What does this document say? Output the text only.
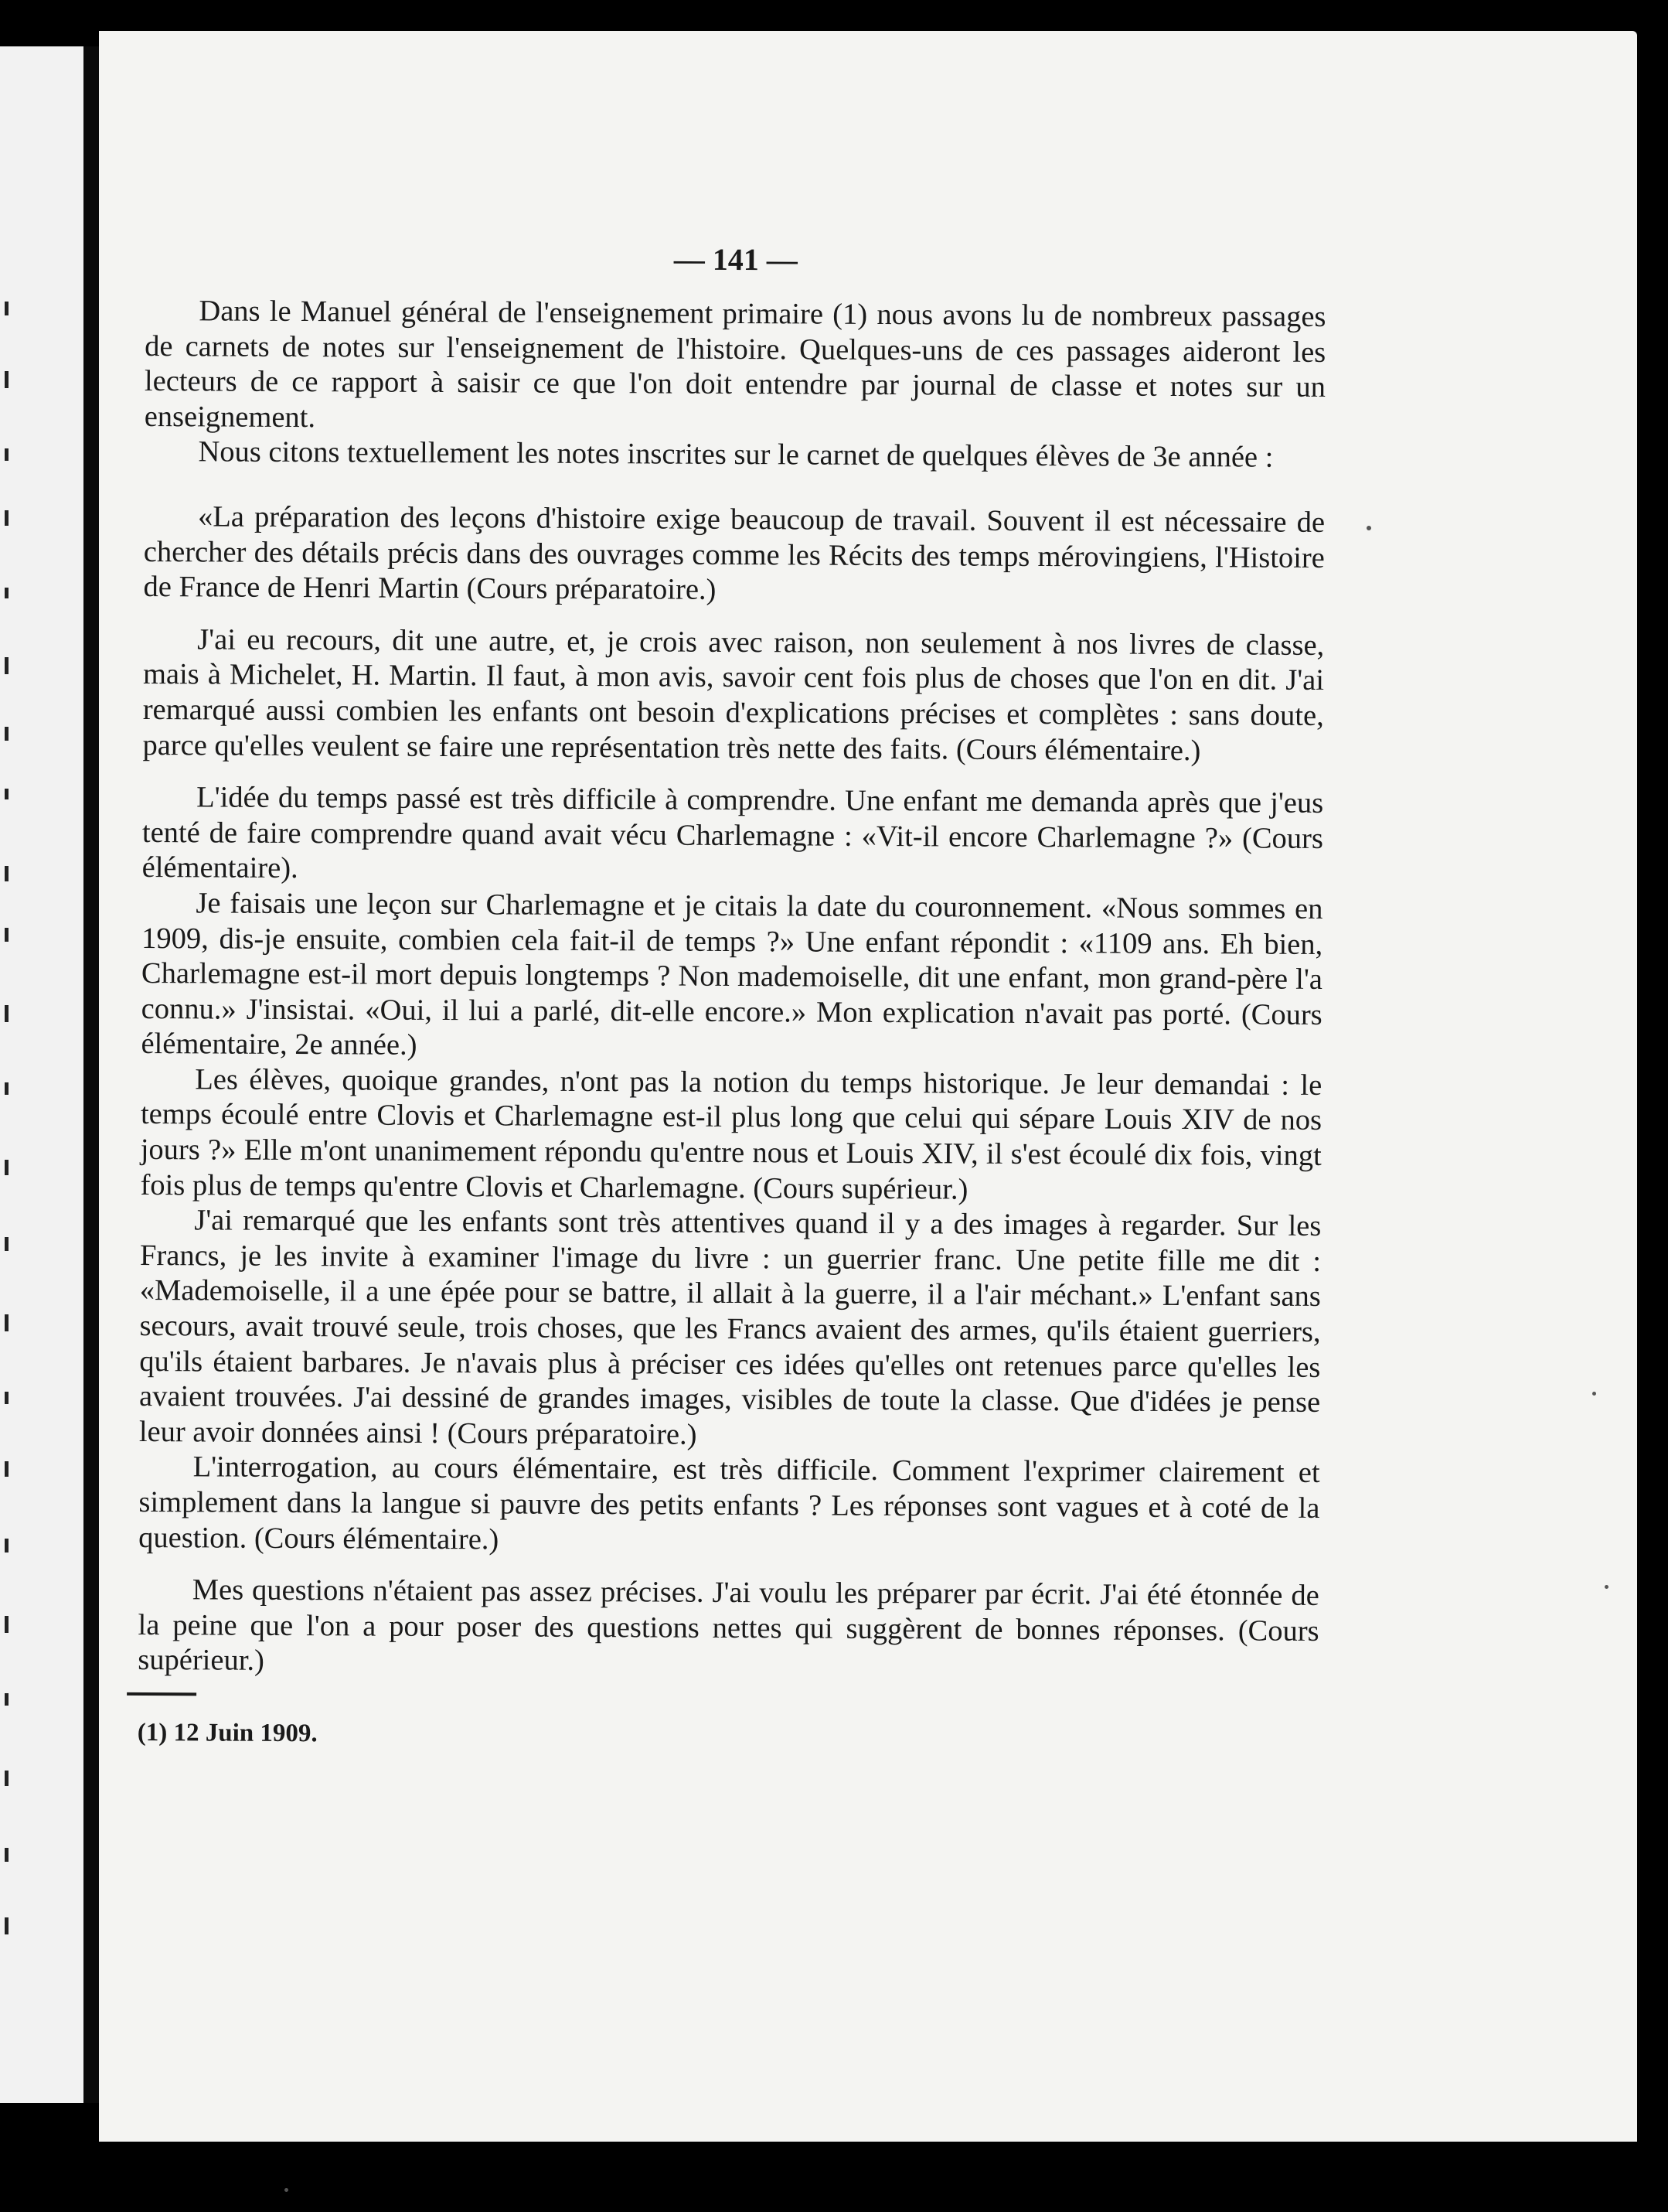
— 141 —

Dans le Manuel général de l'enseignement primaire (1) nous avons lu de nombreux passages de carnets de notes sur l'enseignement de l'histoire. Quelques-uns de ces passages aideront les lecteurs de ce rapport à saisir ce que l'on doit entendre par journal de classe et notes sur un enseignement.

Nous citons textuellement les notes inscrites sur le carnet de quelques élèves de 3e année :

«La préparation des leçons d'histoire exige beaucoup de travail. Souvent il est nécessaire de chercher des détails précis dans des ouvrages comme les Récits des temps mérovingiens, l'Histoire de France de Henri Martin (Cours préparatoire.)

J'ai eu recours, dit une autre, et, je crois avec raison, non seulement à nos livres de classe, mais à Michelet, H. Martin. Il faut, à mon avis, savoir cent fois plus de choses que l'on en dit. J'ai remarqué aussi combien les enfants ont besoin d'explications précises et complètes : sans doute, parce qu'elles veulent se faire une représentation très nette des faits. (Cours élémentaire.)

L'idée du temps passé est très difficile à comprendre. Une enfant me demanda après que j'eus tenté de faire comprendre quand avait vécu Charlemagne : «Vit-il encore Charlemagne ?» (Cours élémentaire).

Je faisais une leçon sur Charlemagne et je citais la date du couronnement. «Nous sommes en 1909, dis-je ensuite, combien cela fait-il de temps ?» Une enfant répondit : «1109 ans. Eh bien, Charlemagne est-il mort depuis longtemps ? Non mademoiselle, dit une enfant, mon grand-père l'a connu.» J'insistai. «Oui, il lui a parlé, dit-elle encore.» Mon explication n'avait pas porté. (Cours élémentaire, 2e année.)

Les élèves, quoique grandes, n'ont pas la notion du temps historique. Je leur demandai : le temps écoulé entre Clovis et Charlemagne est-il plus long que celui qui sépare Louis XIV de nos jours ?» Elle m'ont unanimement répondu qu'entre nous et Louis XIV, il s'est écoulé dix fois, vingt fois plus de temps qu'entre Clovis et Charlemagne. (Cours supérieur.)

J'ai remarqué que les enfants sont très attentives quand il y a des images à regarder. Sur les Francs, je les invite à examiner l'image du livre : un guerrier franc. Une petite fille me dit : «Mademoiselle, il a une épée pour se battre, il allait à la guerre, il a l'air méchant.» L'enfant sans secours, avait trouvé seule, trois choses, que les Francs avaient des armes, qu'ils étaient guerriers, qu'ils étaient barbares. Je n'avais plus à préciser ces idées qu'elles ont retenues parce qu'elles les avaient trouvées. J'ai dessiné de grandes images, visibles de toute la classe. Que d'idées je pense leur avoir données ainsi ! (Cours préparatoire.)

L'interrogation, au cours élémentaire, est très difficile. Comment l'exprimer clairement et simplement dans la langue si pauvre des petits enfants ? Les réponses sont vagues et à coté de la question. (Cours élémentaire.)

Mes questions n'étaient pas assez précises. J'ai voulu les préparer par écrit. J'ai été étonnée de la peine que l'on a pour poser des questions nettes qui suggèrent de bonnes réponses. (Cours supérieur.)

(1) 12 Juin 1909.
